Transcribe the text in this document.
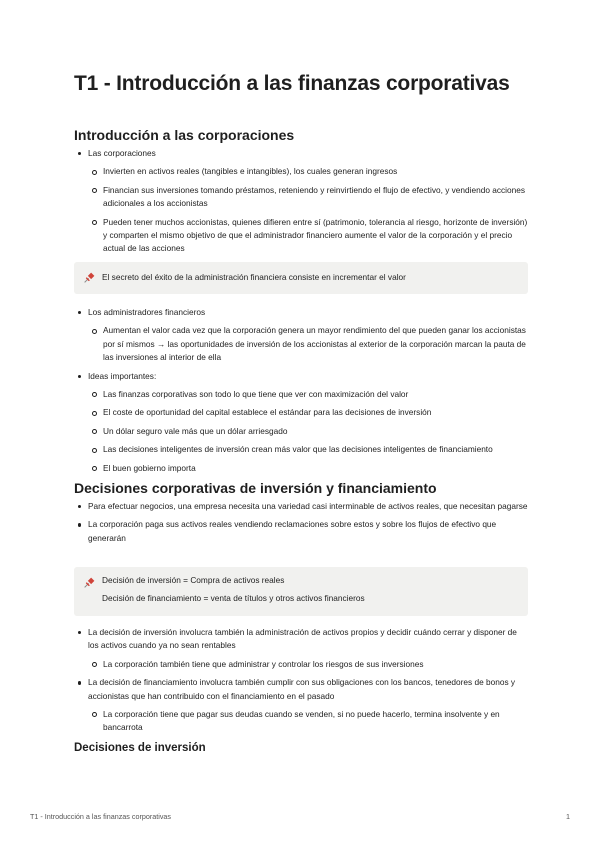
T1 - Introducción a las finanzas corporativas
Introducción a las corporaciones
Las corporaciones
Invierten en activos reales (tangibles e intangibles), los cuales generan ingresos
Financian sus inversiones tomando préstamos, reteniendo y reinvirtiendo el flujo de efectivo, y vendiendo acciones adicionales a los accionistas
Pueden tener muchos accionistas, quienes difieren entre sí (patrimonio, tolerancia al riesgo, horizonte de inversión) y comparten el mismo objetivo de que el administrador financiero aumente el valor de la corporación y el precio actual de las acciones
El secreto del éxito de la administración financiera consiste en incrementar el valor
Los administradores financieros
Aumentan el valor cada vez que la corporación genera un mayor rendimiento del que pueden ganar los accionistas por sí mismos → las oportunidades de inversión de los accionistas al exterior de la corporación marcan la pauta de las inversiones al interior de ella
Ideas importantes:
Las finanzas corporativas son todo lo que tiene que ver con maximización del valor
El coste de oportunidad del capital establece el estándar para las decisiones de inversión
Un dólar seguro vale más que un dólar arriesgado
Las decisiones inteligentes de inversión crean más valor que las decisiones inteligentes de financiamiento
El buen gobierno importa
Decisiones corporativas de inversión y financiamiento
Para efectuar negocios, una empresa necesita una variedad casi interminable de activos reales, que necesitan pagarse
La corporación paga sus activos reales vendiendo reclamaciones sobre estos y sobre los flujos de efectivo que generarán
Decisión de inversión = Compra de activos reales
Decisión de financiamiento = venta de títulos y otros activos financieros
La decisión de inversión involucra también la administración de activos propios y decidir cuándo cerrar y disponer de los activos cuando ya no sean rentables
La corporación también tiene que administrar y controlar los riesgos de sus inversiones
La decisión de financiamiento involucra también cumplir con sus obligaciones con los bancos, tenedores de bonos y accionistas que han contribuido con el financiamiento en el pasado
La corporación tiene que pagar sus deudas cuando se venden, si no puede hacerlo, termina insolvente y en bancarrota
Decisiones de inversión
T1 - Introducción a las finanzas corporativas	1
